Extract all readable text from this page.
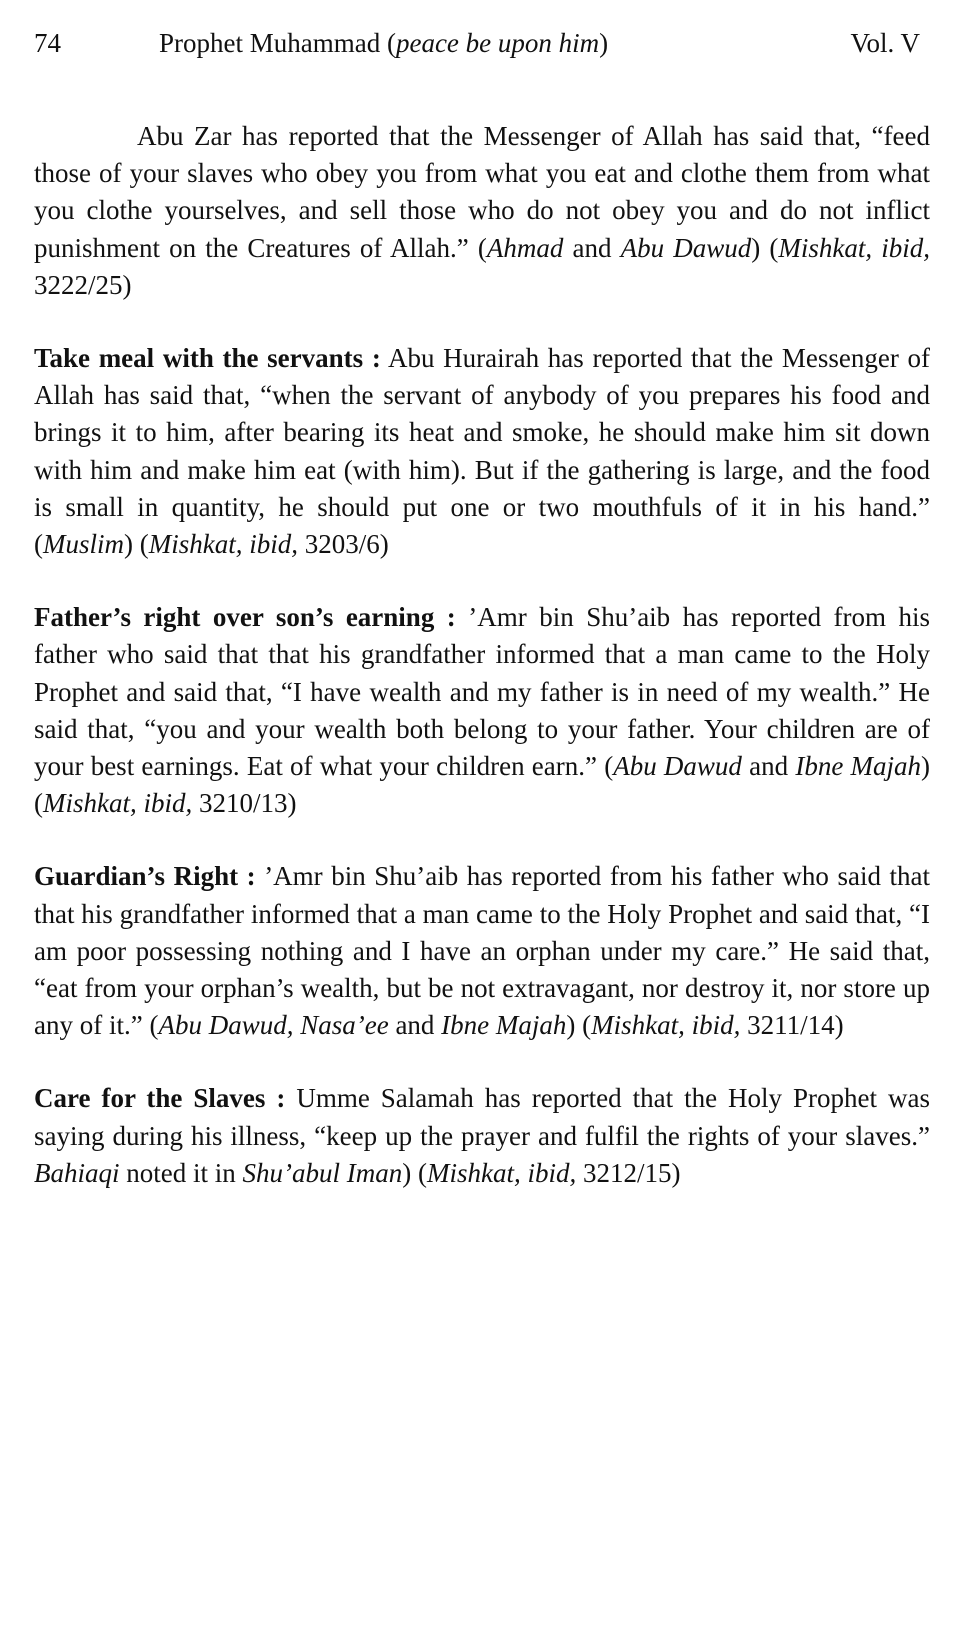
74	Prophet Muhammad (peace be upon him)	Vol. V

Abu Zar has reported that the Messenger of Allah has said that, “feed those of your slaves who obey you from what you eat and clothe them from what you clothe yourselves, and sell those who do not obey you and do not inflict punishment on the Creatures of Allah.” (Ahmad and Abu Dawud) (Mishkat, ibid, 3222/25)

Take meal with the servants : Abu Hurairah has reported that the Messenger of Allah has said that, “when the servant of anybody of you prepares his food and brings it to him, after bearing its heat and smoke, he should make him sit down with him and make him eat (with him). But if the gathering is large, and the food is small in quantity, he should put one or two mouthfuls of it in his hand.” (Muslim) (Mishkat, ibid, 3203/6)

Father’s right over son’s earning : ’Amr bin Shu’aib has reported from his father who said that that his grandfather informed that a man came to the Holy Prophet and said that, “I have wealth and my father is in need of my wealth.” He said that, “you and your wealth both belong to your father. Your children are of your best earnings. Eat of what your children earn.” (Abu Dawud and Ibne Majah) (Mishkat, ibid, 3210/13)

Guardian’s Right : ’Amr bin Shu’aib has reported from his father who said that that his grandfather informed that a man came to the Holy Prophet and said that, “I am poor possessing nothing and I have an orphan under my care.” He said that, “eat from your orphan’s wealth, but be not extravagant, nor destroy it, nor store up any of it.” (Abu Dawud, Nasa’ee and Ibne Majah) (Mishkat, ibid, 3211/14)

Care for the Slaves : Umme Salamah has reported that the Holy Prophet was saying during his illness, “keep up the prayer and fulfil the rights of your slaves.” Bahiaqi noted it in Shu’abul Iman) (Mishkat, ibid, 3212/15)
